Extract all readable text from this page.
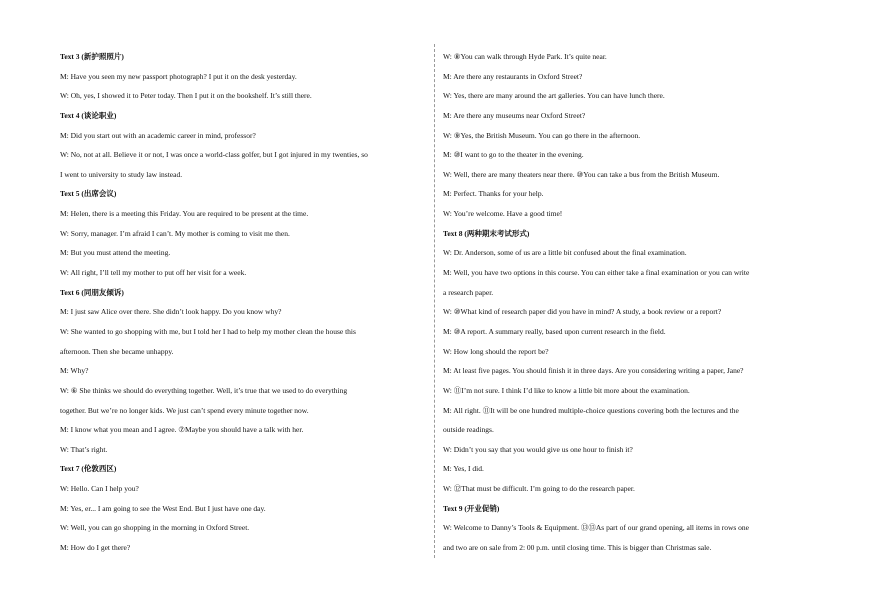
Text 3 (新护照照片)
M: Have you seen my new passport photograph? I put it on the desk yesterday.
W: Oh, yes, I showed it to Peter today. Then I put it on the bookshelf. It’s still there.
Text 4 (谈论职业)
M: Did you start out with an academic career in mind, professor?
W: No, not at all. Believe it or not, I was once a world-class golfer, but I got injured in my twenties, so
I went to university to study law instead.
Text 5 (出席会议)
M: Helen, there is a meeting this Friday. You are required to be present at the time.
W: Sorry, manager. I’m afraid I can’t. My mother is coming to visit me then.
M: But you must attend the meeting.
W: All right, I’ll tell my mother to put off her visit for a week.
Text 6 (同朋友倾诉)
M: I just saw Alice over there. She didn’t look happy. Do you know why?
W: She wanted to go shopping with me, but I told her I had to help my mother clean the house this
afternoon. Then she became unhappy.
M: Why?
W: ⑥ She thinks we should do everything together. Well, it’s true that we used to do everything
together. But we’re no longer kids. We just can’t spend every minute together now.
M: I know what you mean and I agree. ⑦Maybe you should have a talk with her.
W: That’s right.
Text 7 (伦敦西区)
W: Hello. Can I help you?
M: Yes, er... I am going to see the West End. But I just have one day.
W: Well, you can go shopping in the morning in Oxford Street.
M: How do I get there?
W: ⑧You can walk through Hyde Park. It’s quite near.
M: Are there any restaurants in Oxford Street?
W: Yes, there are many around the art galleries. You can have lunch there.
M: Are there any museums near Oxford Street?
W: ⑨Yes, the British Museum. You can go there in the afternoon.
M: ⑩I want to go to the theater in the evening.
W: Well, there are many theaters near there. ⑩You can take a bus from the British Museum.
M: Perfect. Thanks for your help.
W: You’re welcome. Have a good time!
Text 8 (两种期末考试形式)
W: Dr. Anderson, some of us are a little bit confused about the final examination.
M: Well, you have two options in this course. You can either take a final examination or you can write
a research paper.
W: ⑩What kind of research paper did you have in mind? A study, a book review or a report?
M: ⑩A report. A summary really, based upon current research in the field.
W: How long should the report be?
M: At least five pages. You should finish it in three days. Are you considering writing a paper, Jane?
W: ⑪I’m not sure. I think I’d like to know a little bit more about the examination.
M: All right. ⑪It will be one hundred multiple-choice questions covering both the lectures and the
outside readings.
W: Didn’t you say that you would give us one hour to finish it?
M: Yes, I did.
W: ⑫That must be difficult. I’m going to do the research paper.
Text 9 (开业促销)
W: Welcome to Danny’s Tools & Equipment. ⑬⑬As part of our grand opening, all items in rows one
and two are on sale from 2: 00 p.m. until closing time. This is bigger than Christmas sale.
